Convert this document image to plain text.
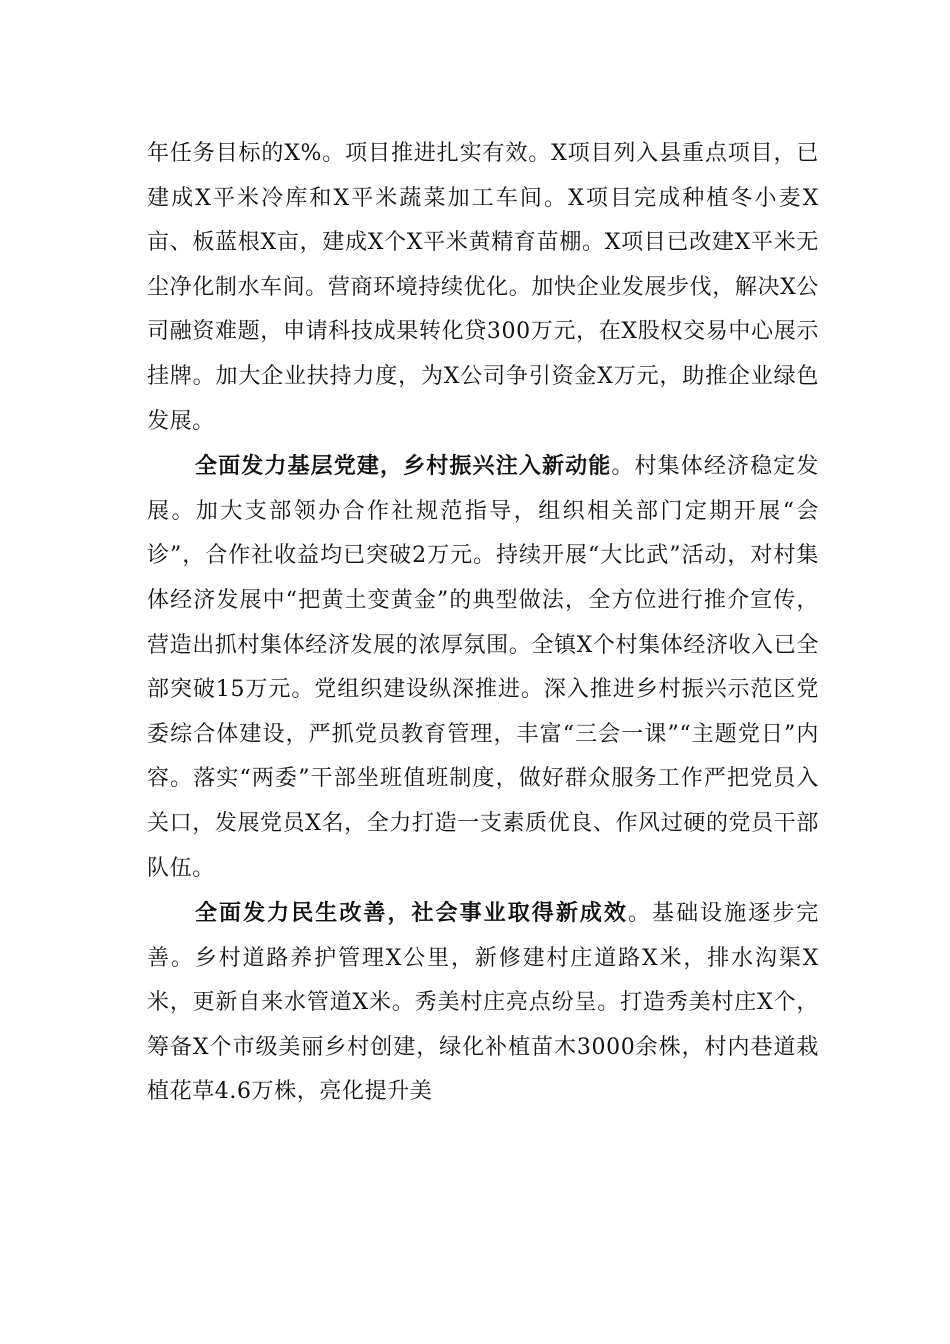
年任务目标的X%。项目推进扎实有效。X项目列入县重点项目，已建成X平米冷库和X平米蔬菜加工车间。X项目完成种植冬小麦X亩、板蓝根X亩，建成X个X平米黄精育苗棚。X项目已改建X平米无尘净化制水车间。营商环境持续优化。加快企业发展步伐，解决X公司融资难题，申请科技成果转化贷300万元，在X股权交易中心展示挂牌。加大企业扶持力度，为X公司争引资金X万元，助推企业绿色发展。

全面发力基层党建，乡村振兴注入新动能。村集体经济稳定发展。加大支部领办合作社规范指导，组织相关部门定期开展“会诊”，合作社收益均已突破2万元。持续开展“大比武”活动，对村集体经济发展中“把黄土变黄金”的典型做法，全方位进行推介宣传，营造出抓村集体经济发展的浓厚氛围。全镇X个村集体经济收入已全部突破15万元。党组织建设纵深推进。深入推进乡村振兴示范区党委综合体建设，严抓党员教育管理，丰富“三会一课”“主题党日”内容。落实“两委”干部坐班值班制度，做好群众服务工作严把党员入关口，发展党员X名，全力打造一支素质优良、作风过硬的党员干部队伍。

全面发力民生改善，社会事业取得新成效。基础设施逐步完善。乡村道路养护管理X公里，新修建村庄道路X米，排水沟渠X米，更新自来水管道X米。秀美村庄亮点纷呈。打造秀美村庄X个，筹备X个市级美丽乡村创建，绿化补植苗木3000余株，村内巷道栽植花草4.6万株，亮化提升美
